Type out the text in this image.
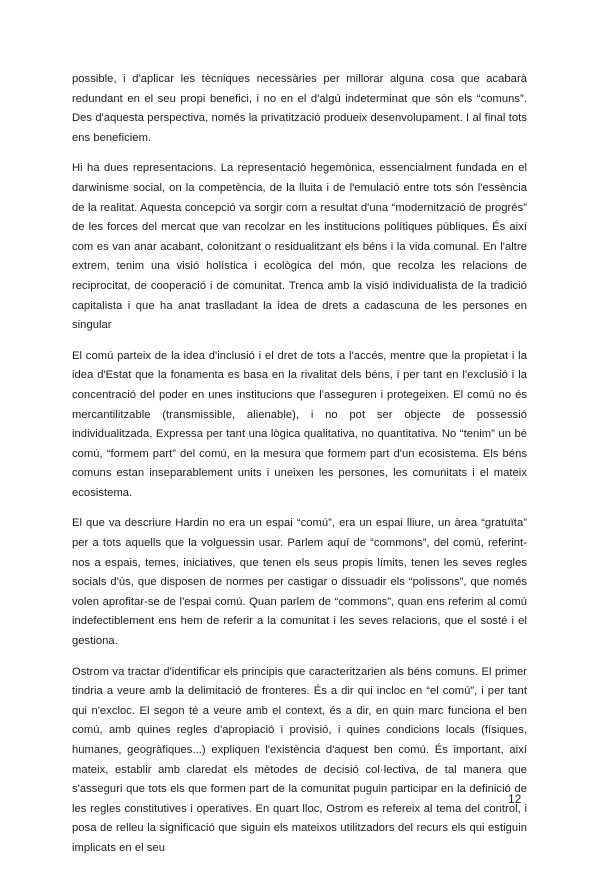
possible, i d'aplicar les tècniques necessàries per millorar alguna cosa que acabarà redundant en el seu propi benefici, i no en el d'algú indeterminat que són els “comuns”. Des d'aquesta perspectiva, només la privatització produeix desenvolupament. I al final tots ens beneficiem.

Hi ha dues representacions. La representació hegemònica, essencialment fundada en el darwinisme social, on la competència, de la lluita i de l'emulació entre tots són l'essència de la realitat. Aquesta concepció va sorgir com a resultat d'una “modernització de progrés” de les forces del mercat que van recolzar en les institucions polítiques públiques. És així com es van anar acabant, colonitzant o residualitzant els béns i la vida comunal. En l'altre extrem, tenim una visió holística i ecològica del món, que recolza les relacions de reciprocitat, de cooperació i de comunitat. Trenca amb la visió individualista de la tradició capitalista i que ha anat traslladant la idea de drets a cadascuna de les persones en singular

El comú parteix de la idea d'inclusió i el dret de tots a l'accés, mentre que la propietat i la idea d'Estat que la fonamenta es basa en la rivalitat dels béns, i per tant en l'exclusió i la concentració del poder en unes institucions que l'asseguren i protegeixen. El comú no és mercantilitzable (transmissible, alienable), i no pot ser objecte de possessió individualitzada. Expressa per tant una lògica qualitativa, no quantitativa. No “tenim” un bé comú, “formem part” del comú, en la mesura que formem part d'un ecosistema. Els béns comuns estan inseparablement units i uneixen les persones, les comunitats i el mateix ecosistema.

El que va descriure Hardin no era un espai “comú”, era un espai lliure, un àrea “gratuïta” per a tots aquells que la volguessin usar. Parlem aquí de “commons”, del comú, referint-nos a espais, temes, iniciatives, que tenen els seus propis límits, tenen les seves regles socials d'ús, que disposen de normes per castigar o dissuadir els “polissons”, que només volen aprofitar-se de l'espai comú. Quan parlem de “commons”, quan ens referim al comú indefectiblement ens hem de referir a la comunitat i les seves relacions, que el sosté i el gestiona.

Ostrom va tractar d'identificar els principis que caracteritzarien als béns comuns. El primer tindria a veure amb la delimitació de fronteres. És a dir qui incloc en “el comú”, i per tant qui n'excloc. El segon té a veure amb el context, és a dir, en quin marc funciona el ben comú, amb quines regles d'apropiació i provisió, i quines condicions locals (físiques, humanes, geogràfiques...) expliquen l'existència d'aquest ben comú. És important, així mateix, establir amb claredat els mètodes de decisió col·lectiva, de tal manera que s'asseguri que tots els que formen part de la comunitat puguin participar en la definició de les regles constitutives i operatives. En quart lloc, Ostrom es refereix al tema del control, i posa de relleu la significació que siguin els mateixos utilitzadors del recurs els qui estiguin implicats en el seu

12
